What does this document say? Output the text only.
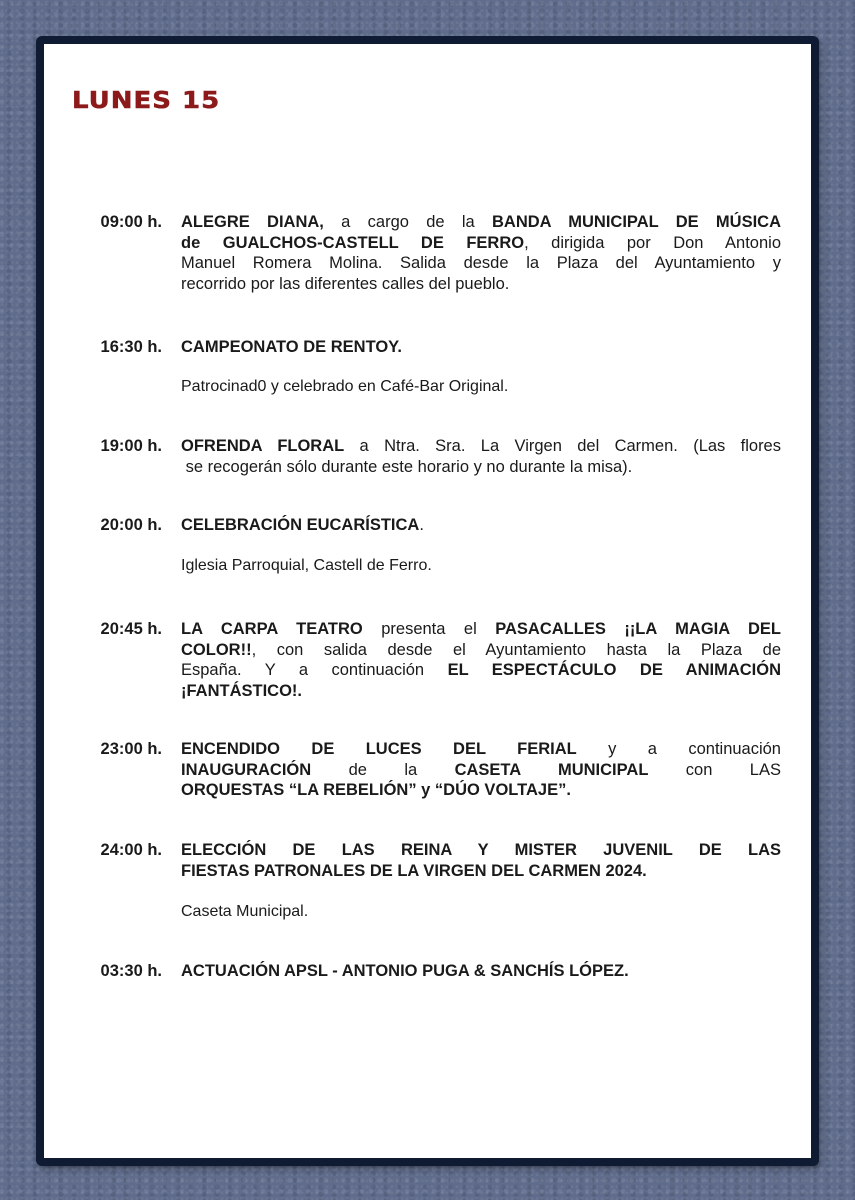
LUNES 15
09:00 h. ALEGRE DIANA, a cargo de la BANDA MUNICIPAL DE MÚSICA
de GUALCHOS-CASTELL DE FERRO, dirigida por Don Antonio
Manuel Romera Molina. Salida desde la Plaza del Ayuntamiento y
recorrido por las diferentes calles del pueblo.
16:30 h. CAMPEONATO DE RENTOY.
Patrocinad0 y celebrado en Café-Bar Original.
19:00 h. OFRENDA FLORAL a Ntra. Sra. La Virgen del Carmen. (Las flores
se recogerán sólo durante este horario y no durante la misa).
20:00 h. CELEBRACIÓN EUCARÍSTICA.
Iglesia Parroquial, Castell de Ferro.
20:45 h. LA CARPA TEATRO presenta el PASACALLES ¡¡LA MAGIA DEL
COLOR!!, con salida desde el Ayuntamiento hasta la Plaza de
España. Y a continuación EL ESPECTÁCULO DE ANIMACIÓN
¡FANTÁSTICO!.
23:00 h. ENCENDIDO DE LUCES DEL FERIAL y a continuación
INAUGURACIÓN de la CASETA MUNICIPAL con LAS
ORQUESTAS “LA REBELIÓN” y “DÚO VOLTAJE”.
24:00 h. ELECCIÓN DE LAS REINA Y MISTER JUVENIL DE LAS
FIESTAS PATRONALES DE LA VIRGEN DEL CARMEN 2024.
Caseta Municipal.
03:30 h. ACTUACIÓN APSL - ANTONIO PUGA & SANCHÍS LÓPEZ.
